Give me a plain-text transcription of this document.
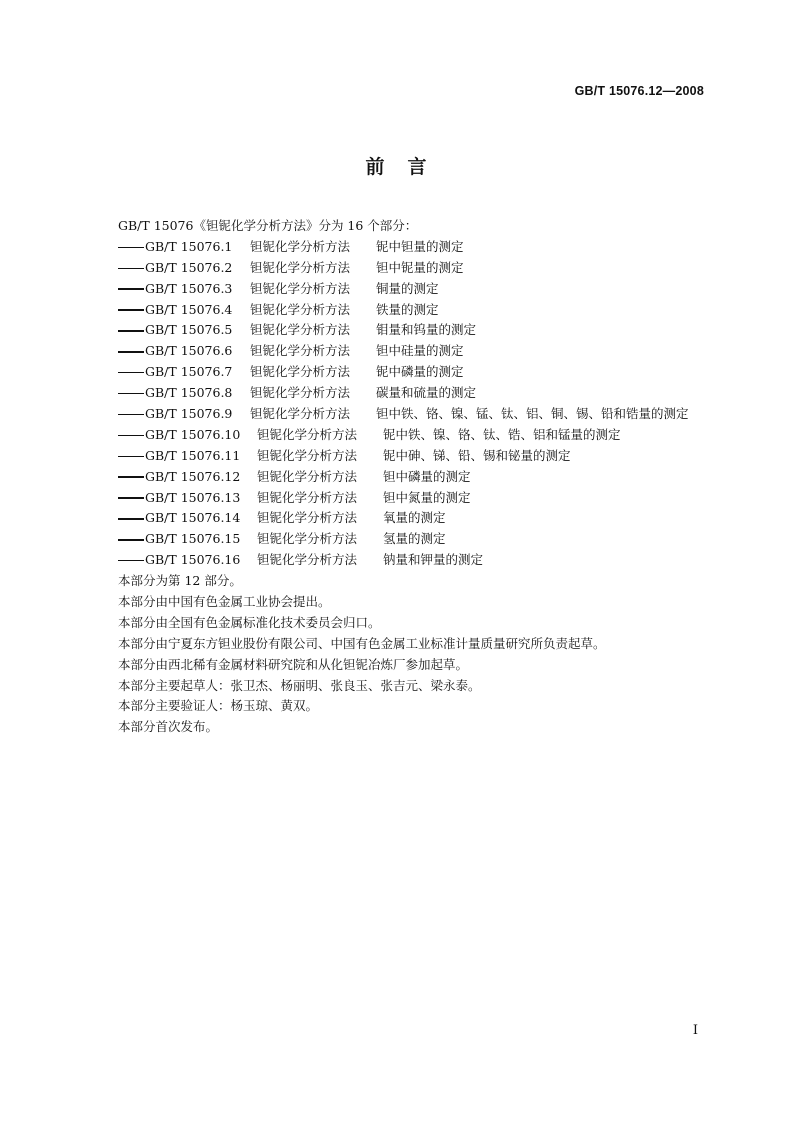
GB/T 15076.12—2008
前　言
GB/T 15076《钽铌化学分析方法》分为 16 个部分：
GB/T 15076.1 钽铌化学分析方法 铌中钽量的测定
GB/T 15076.2 钽铌化学分析方法 钽中铌量的测定
GB/T 15076.3 钽铌化学分析方法 铜量的测定
GB/T 15076.4 钽铌化学分析方法 铁量的测定
GB/T 15076.5 钽铌化学分析方法 钼量和钨量的测定
GB/T 15076.6 钽铌化学分析方法 钽中硅量的测定
GB/T 15076.7 钽铌化学分析方法 铌中磷量的测定
GB/T 15076.8 钽铌化学分析方法 碳量和硫量的测定
GB/T 15076.9 钽铌化学分析方法 钽中铁、铬、镍、锰、钛、铝、铜、锡、铅和锆量的测定
GB/T 15076.10 钽铌化学分析方法 铌中铁、镍、铬、钛、锆、铝和锰量的测定
GB/T 15076.11 钽铌化学分析方法 铌中砷、锑、铅、锡和铋量的测定
GB/T 15076.12 钽铌化学分析方法 钽中磷量的测定
GB/T 15076.13 钽铌化学分析方法 钽中氮量的测定
GB/T 15076.14 钽铌化学分析方法 氧量的测定
GB/T 15076.15 钽铌化学分析方法 氢量的测定
GB/T 15076.16 钽铌化学分析方法 钠量和钾量的测定
本部分为第 12 部分。
本部分由中国有色金属工业协会提出。
本部分由全国有色金属标准化技术委员会归口。
本部分由宁夏东方钽业股份有限公司、中国有色金属工业标准计量质量研究所负责起草。
本部分由西北稀有金属材料研究院和从化钽铌冶炼厂参加起草。
本部分主要起草人：张卫杰、杨丽明、张良玉、张吉元、梁永泰。
本部分主要验证人：杨玉琼、黄双。
本部分首次发布。
I
